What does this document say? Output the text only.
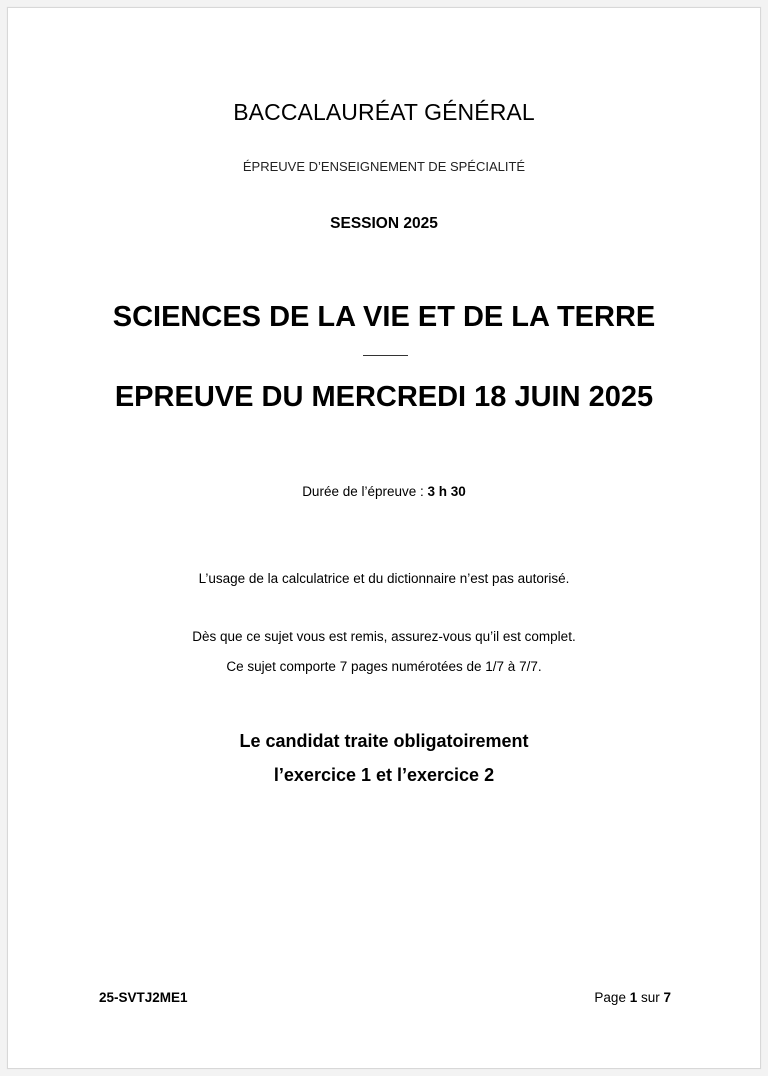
BACCALAURÉAT GÉNÉRAL
ÉPREUVE D’ENSEIGNEMENT DE SPÉCIALITÉ
SESSION 2025
SCIENCES DE LA VIE ET DE LA TERRE
EPREUVE DU MERCREDI 18 JUIN 2025
Durée de l’épreuve : 3 h 30
L’usage de la calculatrice et du dictionnaire n’est pas autorisé.
Dès que ce sujet vous est remis, assurez-vous qu’il est complet.
Ce sujet comporte 7 pages numérotées de 1/7 à 7/7.
Le candidat traite obligatoirement
l’exercice 1 et l’exercice 2
25-SVTJ2ME1	Page 1 sur 7
